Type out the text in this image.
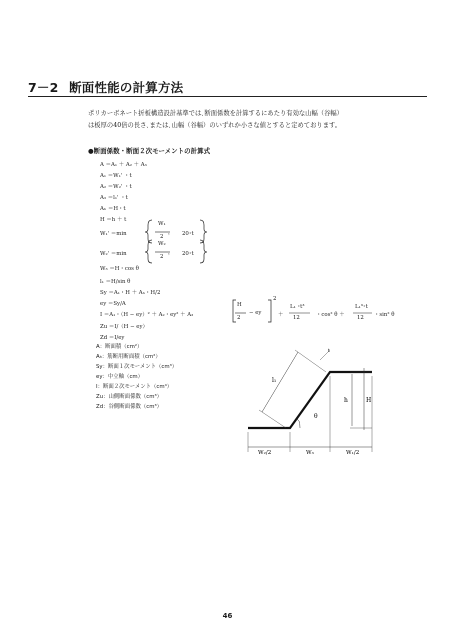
7－2 断面性能の計算方法
ポリカーボネート折板構造設計基準では､断面係数を計算するにあたり有効な山幅（谷幅）
は板厚の40倍の長さ､または､山幅（谷幅）のいずれか小さな値とすると定めております。
●断面係数・断面２次モーメントの計算式
A ＝A₁ ＋ A₂ ＋ A₃
A₁ ＝W₁' ・t
A₂ ＝W₂' ・t
A₃ ＝l₁' ・t
Aₕ ＝H・t
H ＝h ＋ t
W₁' ＝min
W₁
2
， 20･t
W₂' ＝min
W₂
2
， 20･t
W₃ ＝H・cos θ
l₁ ＝H/sin θ
Sy ＝A₁・H ＋ Aₕ・H/2
ey ＝Sy/A
I ＝A₁・（H − ey）² ＋ A₂・ey² ＋ A₃
H
2
− ey
2
＋
L₁ ･t³
12	・cos² θ ＋
L₁³･t
12 ・sin² θ
Zu ＝I/（H − ey）
Zd ＝I/ey
A：断面積（cm²）
Aₕ：筋断用断面積（cm²）
Sy：断面１次モーメント（cm³）
ey：中立軸（cm）
I：断面２次モーメント（cm⁴）
Zu：山側断面係数（cm³）
Zd：谷側断面係数（cm³）
l₁
t
h	H
θ
W₂/2	W₃	W₁/2
46
